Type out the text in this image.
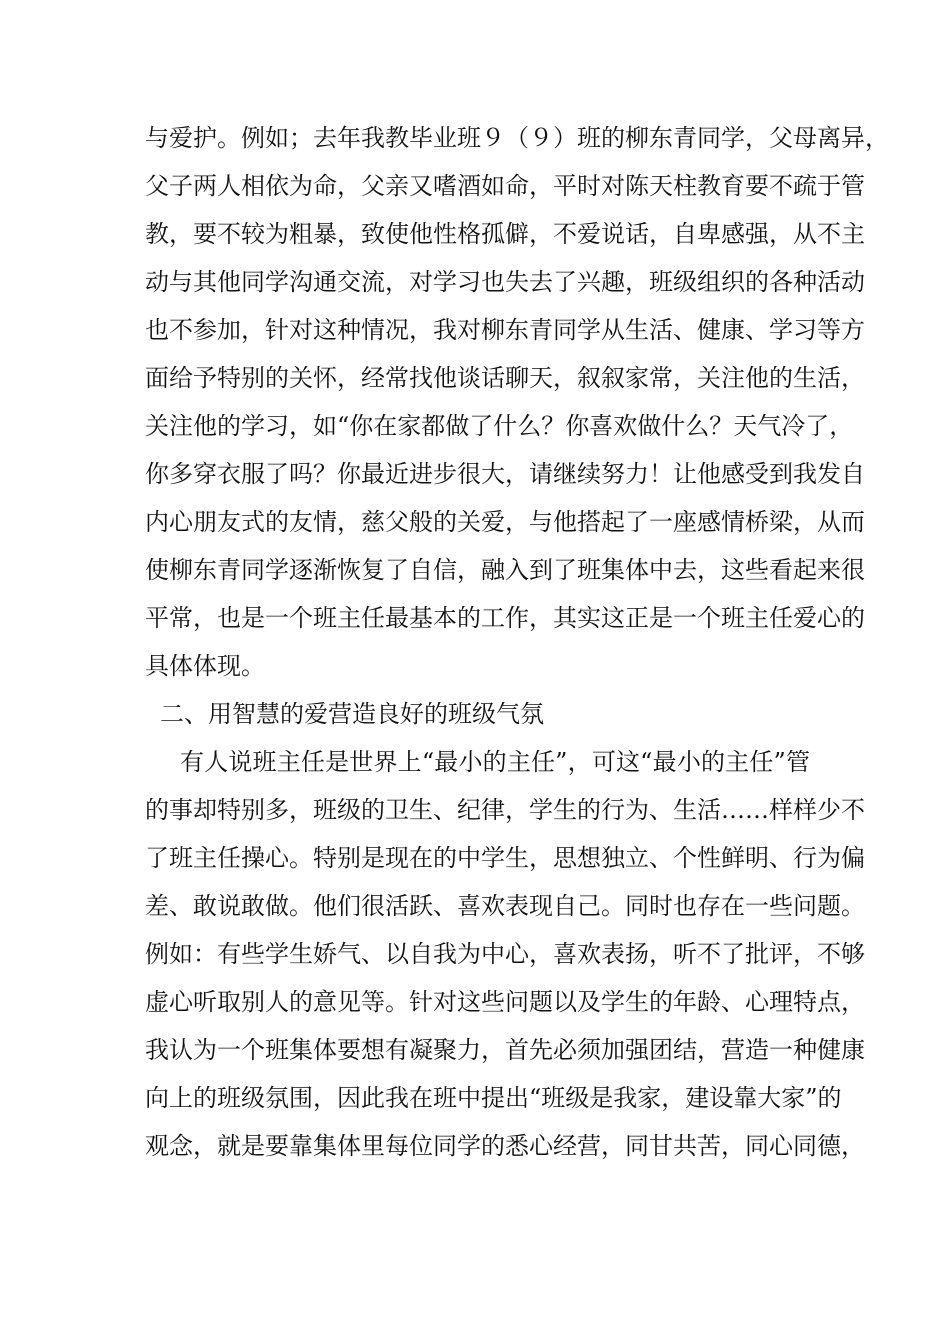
与爱护。例如；去年我教毕业班９（９）班的柳东青同学，父母离异，
父子两人相依为命，父亲又嗜酒如命，平时对陈天柱教育要不疏于管
教，要不较为粗暴，致使他性格孤僻，不爱说话，自卑感强，从不主
动与其他同学沟通交流，对学习也失去了兴趣，班级组织的各种活动
也不参加，针对这种情况，我对柳东青同学从生活、健康、学习等方
面给予特别的关怀，经常找他谈话聊天，叙叙家常，关注他的生活，
关注他的学习，如“你在家都做了什么？你喜欢做什么？天气冷了，
你多穿衣服了吗？你最近进步很大，请继续努力！让他感受到我发自
内心朋友式的友情，慈父般的关爱，与他搭起了一座感情桥梁，从而
使柳东青同学逐渐恢复了自信，融入到了班集体中去，这些看起来很
平常，也是一个班主任最基本的工作，其实这正是一个班主任爱心的
具体体现。
二、用智慧的爱营造良好的班级气氛
有人说班主任是世界上“最小的主任”，可这“最小的主任”管
的事却特别多，班级的卫生、纪律，学生的行为、生活……样样少不
了班主任操心。特别是现在的中学生，思想独立、个性鲜明、行为偏
差、敢说敢做。他们很活跃、喜欢表现自己。同时也存在一些问题。
例如：有些学生娇气、以自我为中心，喜欢表扬，听不了批评，不够
虚心听取别人的意见等。针对这些问题以及学生的年龄、心理特点，
我认为一个班集体要想有凝聚力，首先必须加强团结，营造一种健康
向上的班级氛围，因此我在班中提出“班级是我家，建设靠大家”的
观念，就是要靠集体里每位同学的悉心经营，同甘共苦，同心同德，
